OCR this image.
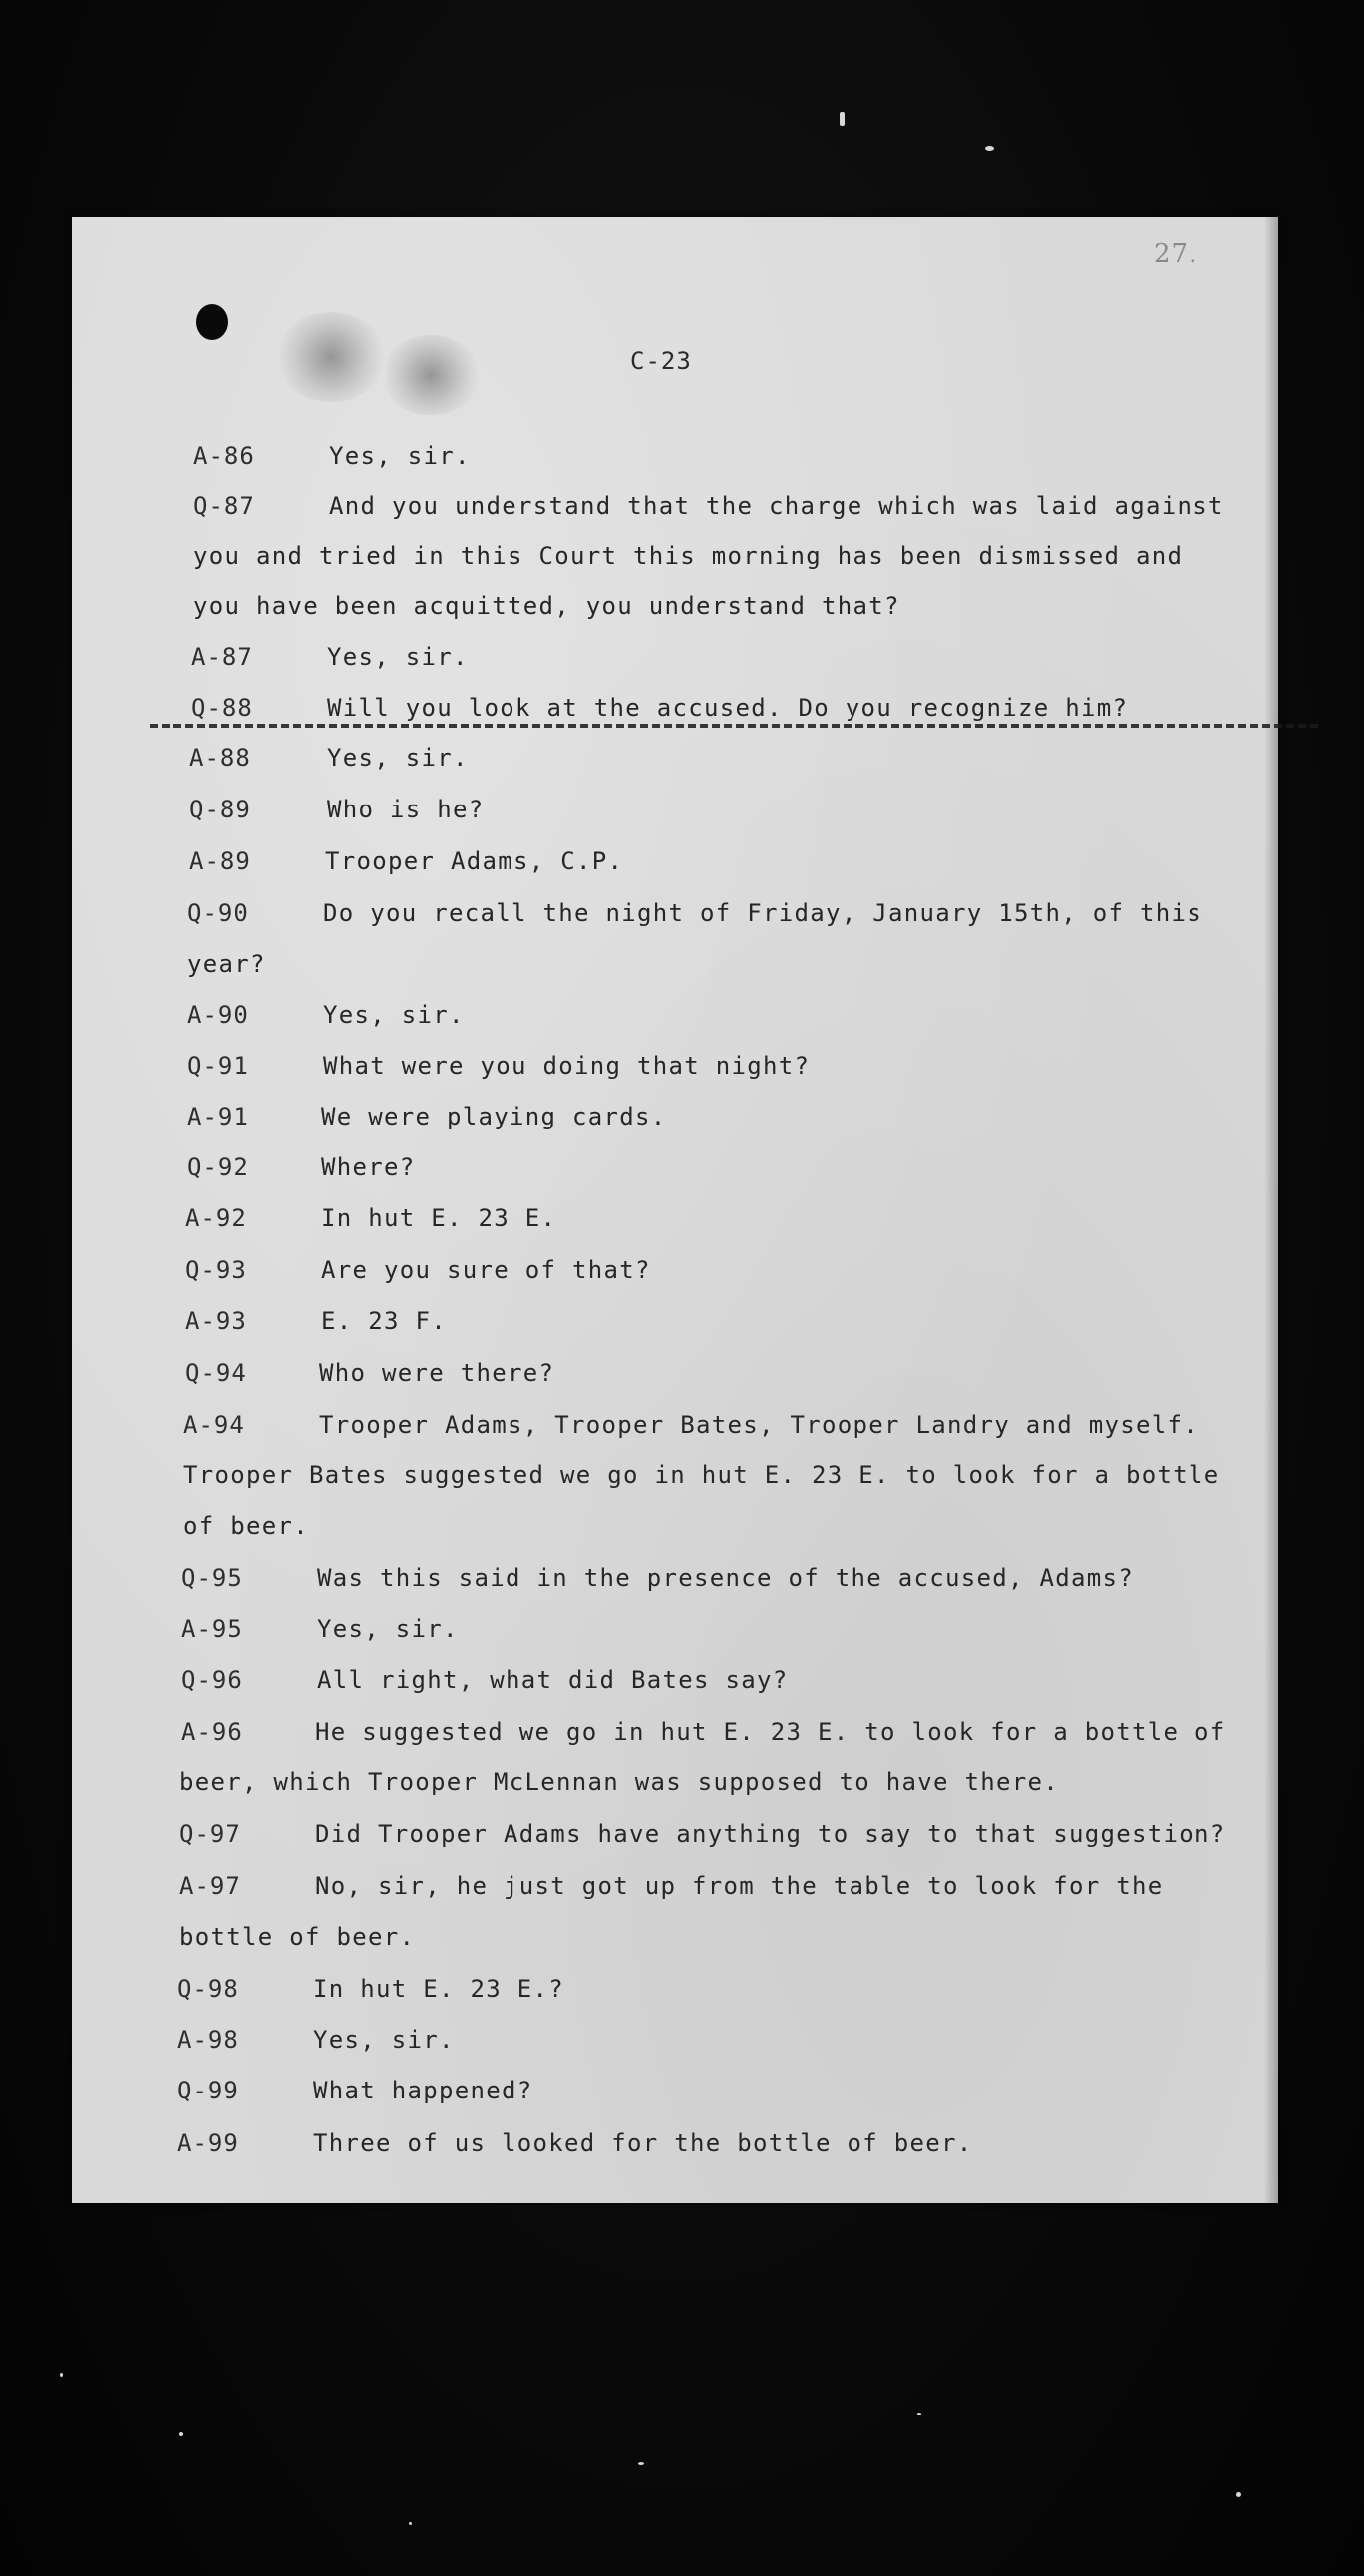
27.
C-23
A-86	Yes, sir.
Q-87	And you understand that the charge which was laid against
you and tried in this Court this morning has been dismissed and
you have been acquitted, you understand that?
A-87	Yes, sir.
Q-88	Will you look at the accused. Do you recognize him?
A-88	Yes, sir.
Q-89	Who is he?
A-89	Trooper Adams, C.P.
Q-90	Do you recall the night of Friday, January 15th, of this
year?
A-90	Yes, sir.
Q-91	What were you doing that night?
A-91	We were playing cards.
Q-92	Where?
A-92	In hut E. 23 E.
Q-93	Are you sure of that?
A-93	E. 23 F.
Q-94	Who were there?
A-94	Trooper Adams, Trooper Bates, Trooper Landry and myself.
Trooper Bates suggested we go in hut E. 23 E. to look for a bottle
of beer.
Q-95	Was this said in the presence of the accused, Adams?
A-95	Yes, sir.
Q-96	All right, what did Bates say?
A-96	He suggested we go in hut E. 23 E. to look for a bottle of
beer, which Trooper McLennan was supposed to have there.
Q-97	Did Trooper Adams have anything to say to that suggestion?
A-97	No, sir, he just got up from the table to look for the
bottle of beer.
Q-98	In hut E. 23 E.?
A-98	Yes, sir.
Q-99	What happened?
A-99	Three of us looked for the bottle of beer.
